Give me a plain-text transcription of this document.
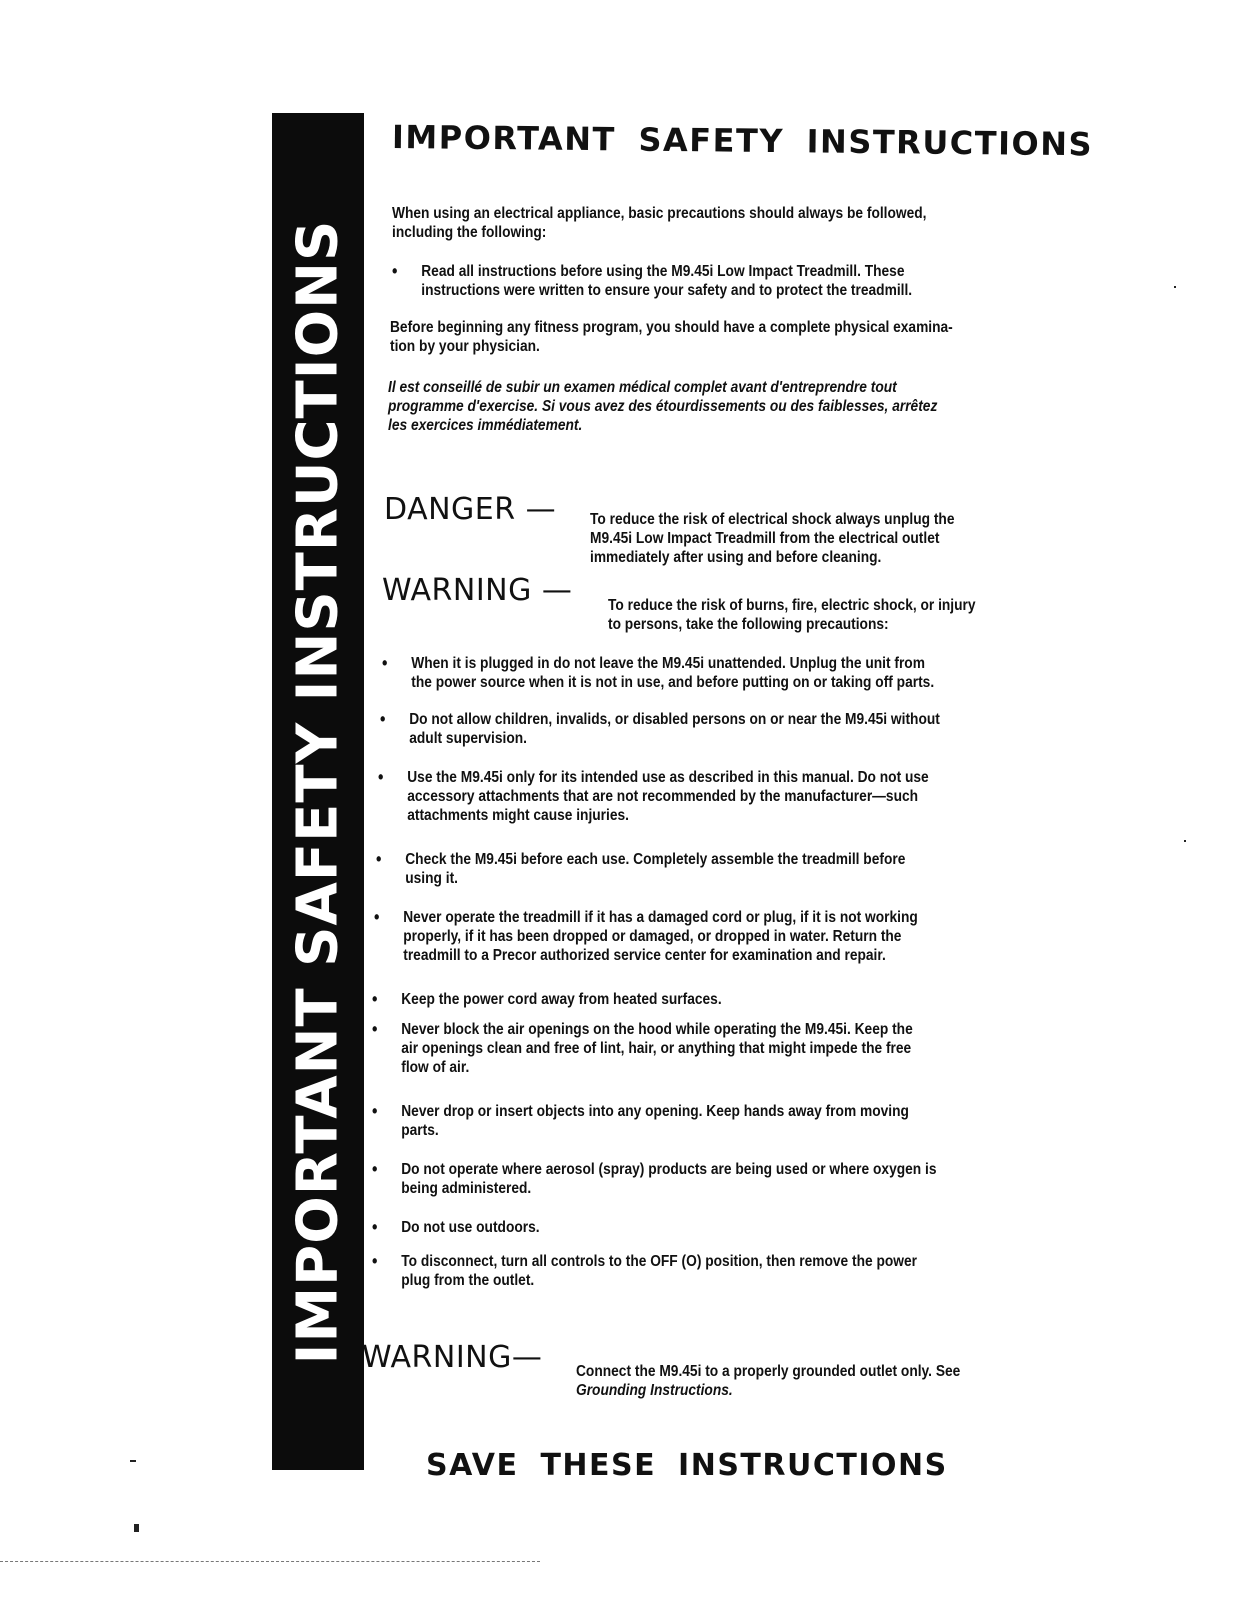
IMPORTANT SAFETY INSTRUCTIONS
IMPORTANT SAFETY INSTRUCTIONS
When using an electrical appliance, basic precautions should always be followed,
including the following:
• Read all instructions before using the M9.45i Low Impact Treadmill. These
instructions were written to ensure your safety and to protect the treadmill.
Before beginning any fitness program, you should have a complete physical examina-
tion by your physician.
Il est conseillé de subir un examen médical complet avant d'entreprendre tout
programme d'exercise. Si vous avez des étourdissements ou des faiblesses, arrêtez
les exercices immédiatement.
DANGER — To reduce the risk of electrical shock always unplug the
M9.45i Low Impact Treadmill from the electrical outlet
immediately after using and before cleaning.
WARNING — To reduce the risk of burns, fire, electric shock, or injury
to persons, take the following precautions:
• When it is plugged in do not leave the M9.45i unattended. Unplug the unit from
the power source when it is not in use, and before putting on or taking off parts.
• Do not allow children, invalids, or disabled persons on or near the M9.45i without
adult supervision.
• Use the M9.45i only for its intended use as described in this manual. Do not use
accessory attachments that are not recommended by the manufacturer—such
attachments might cause injuries.
• Check the M9.45i before each use. Completely assemble the treadmill before
using it.
• Never operate the treadmill if it has a damaged cord or plug, if it is not working
properly, if it has been dropped or damaged, or dropped in water. Return the
treadmill to a Precor authorized service center for examination and repair.
• Keep the power cord away from heated surfaces.
• Never block the air openings on the hood while operating the M9.45i. Keep the
air openings clean and free of lint, hair, or anything that might impede the free
flow of air.
• Never drop or insert objects into any opening. Keep hands away from moving
parts.
• Do not operate where aerosol (spray) products are being used or where oxygen is
being administered.
• Do not use outdoors.
• To disconnect, turn all controls to the OFF (O) position, then remove the power
plug from the outlet.
WARNING— Connect the M9.45i to a properly grounded outlet only. See
Grounding Instructions.
SAVE THESE INSTRUCTIONS
